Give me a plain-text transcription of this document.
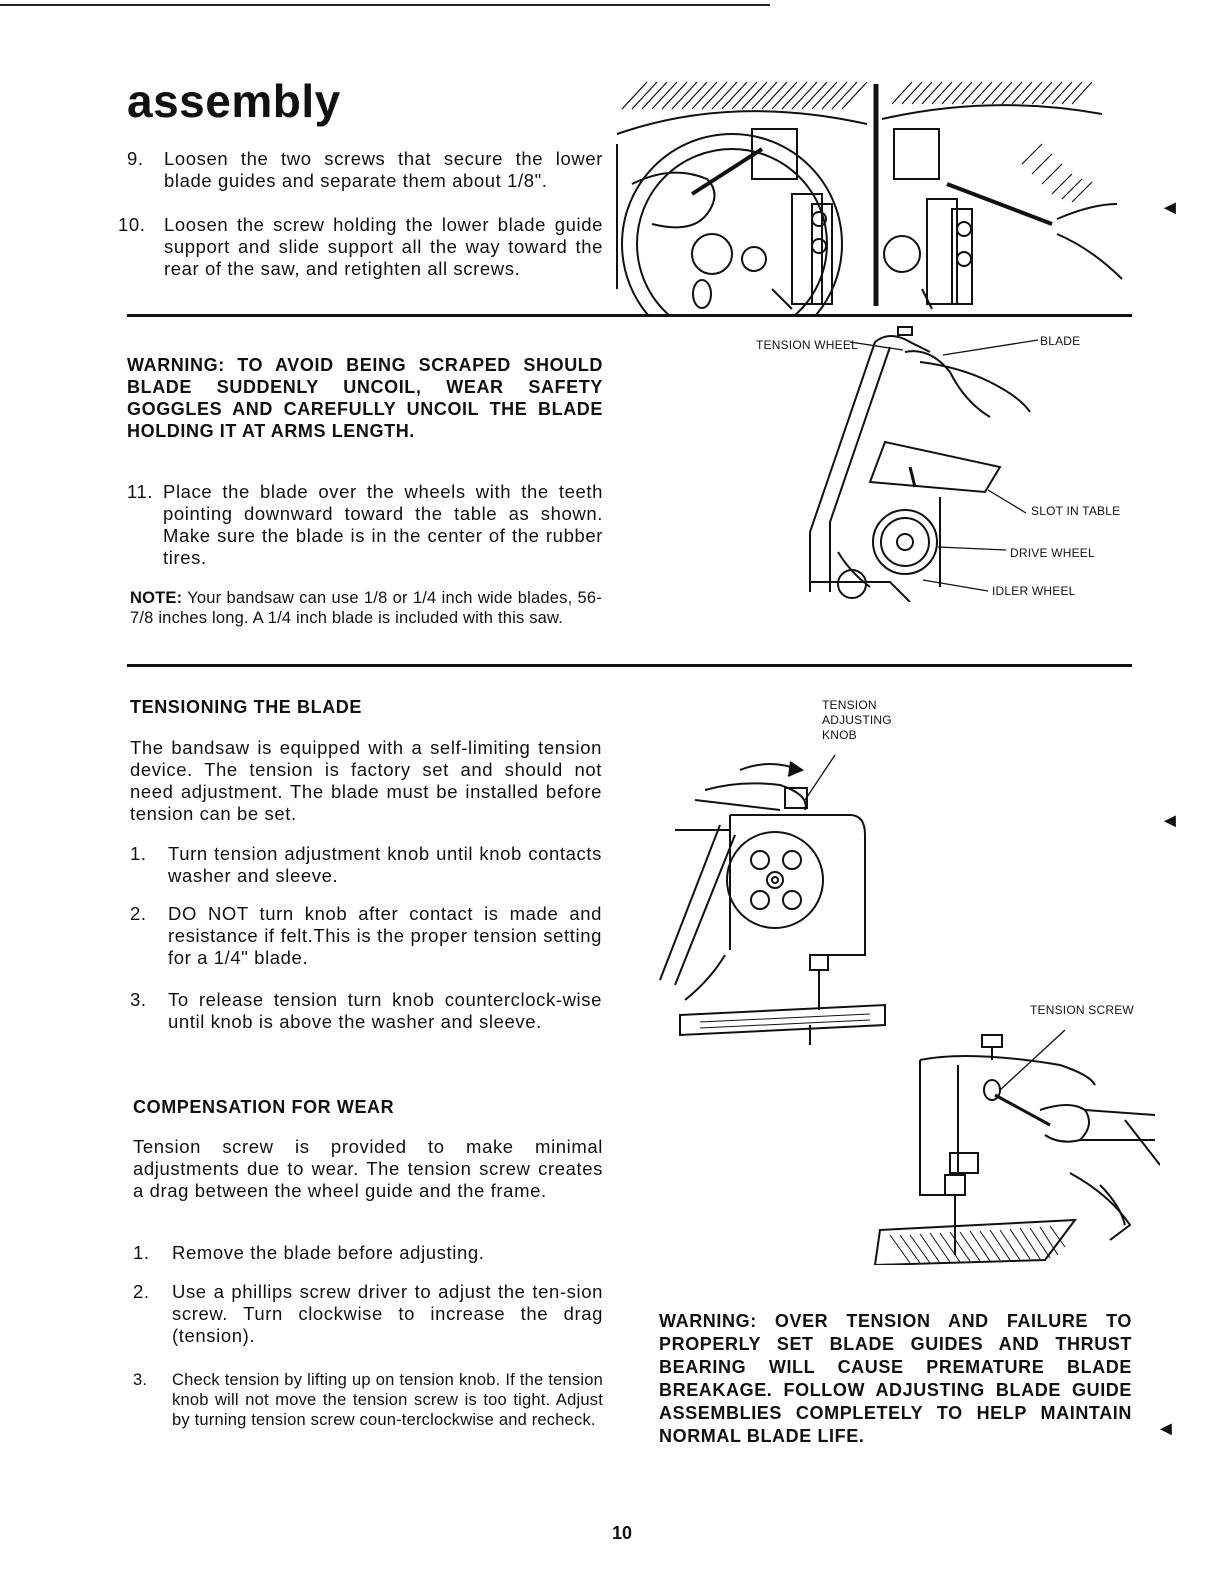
assembly
9. Loosen the two screws that secure the lower blade guides and separate them about 1/8".
10. Loosen the screw holding the lower blade guide support and slide support all the way toward the rear of the saw, and retighten all screws.
WARNING: TO AVOID BEING SCRAPED SHOULD BLADE SUDDENLY UNCOIL, WEAR SAFETY GOGGLES AND CAREFULLY UNCOIL THE BLADE HOLDING IT AT ARMS LENGTH.
11. Place the blade over the wheels with the teeth pointing downward toward the table as shown. Make sure the blade is in the center of the rubber tires.
NOTE: Your bandsaw can use 1/8 or 1/4 inch wide blades, 56-7/8 inches long. A 1/4 inch blade is included with this saw.
TENSION WHEEL	BLADE
SLOT IN TABLE
DRIVE WHEEL
IDLER WHEEL
TENSIONING THE BLADE
The bandsaw is equipped with a self-limiting tension device. The tension is factory set and should not need adjustment. The blade must be installed before tension can be set.
1. Turn tension adjustment knob until knob contacts washer and sleeve.
2. DO NOT turn knob after contact is made and resistance if felt.This is the proper tension setting for a 1/4" blade.
3. To release tension turn knob counterclock-wise until knob is above the washer and sleeve.
COMPENSATION FOR WEAR
Tension screw is provided to make minimal adjustments due to wear. The tension screw creates a drag between the wheel guide and the frame.
1. Remove the blade before adjusting.
2. Use a phillips screw driver to adjust the ten-sion screw. Turn clockwise to increase the drag (tension).
3. Check tension by lifting up on tension knob. If the tension knob will not move the tension screw is too tight. Adjust by turning tension screw coun-terclockwise and recheck.
TENSION ADJUSTING KNOB
TENSION SCREW
WARNING: OVER TENSION AND FAILURE TO PROPERLY SET BLADE GUIDES AND THRUST BEARING WILL CAUSE PREMATURE BLADE BREAKAGE. FOLLOW ADJUSTING BLADE GUIDE ASSEMBLIES COMPLETELY TO HELP MAINTAIN NORMAL BLADE LIFE.
◄
◄
◄
10
